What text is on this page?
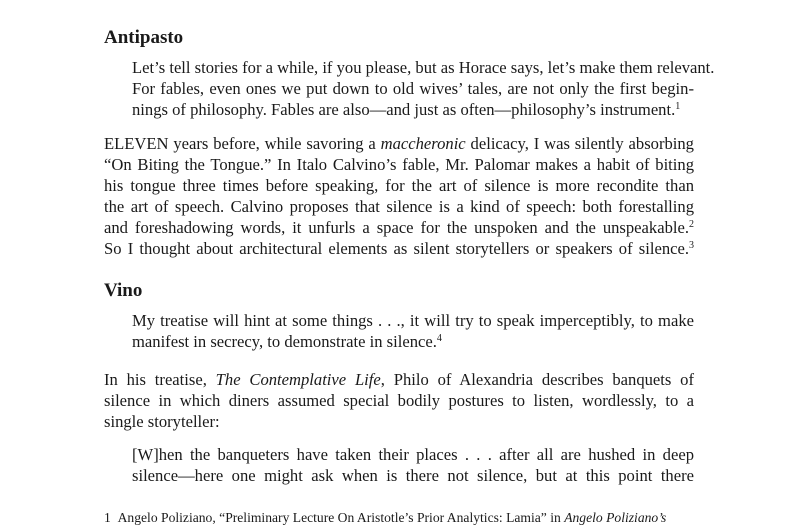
Antipasto
Let’s tell stories for a while, if you please, but as Horace says, let’s make them relevant.
For fables, even ones we put down to old wives’ tales, are not only the first begin-
nings of philosophy. Fables are also—and just as often—philosophy’s instrument.$^1$
ELEVEN years before, while savoring a maccheronic delicacy, I was silently absorbing
“On Biting the Tongue.” In Italo Calvino’s fable, Mr. Palomar makes a habit of biting
his tongue three times before speaking, for the art of silence is more recondite than
the art of speech. Calvino proposes that silence is a kind of speech: both forestalling
and foreshadowing words, it unfurls a space for the unspoken and the unspeakable.$^2$
So I thought about architectural elements as silent storytellers or speakers of silence.$^3$
Vino
My treatise will hint at some things . . ., it will try to speak imperceptibly, to make
manifest in secrecy, to demonstrate in silence.$^4$
In his treatise, The Contemplative Life, Philo of Alexandria describes banquets of
silence in which diners assumed special bodily postures to listen, wordlessly, to a
single storyteller:
[W]hen the banqueters have taken their places . . . after all are hushed in deep
silence—here one might ask when is there not silence, but at this point there
1 Angelo Poliziano, “Preliminary Lecture On Aristotle’s Prior Analytics: Lamia” in Angelo Poliziano’s
